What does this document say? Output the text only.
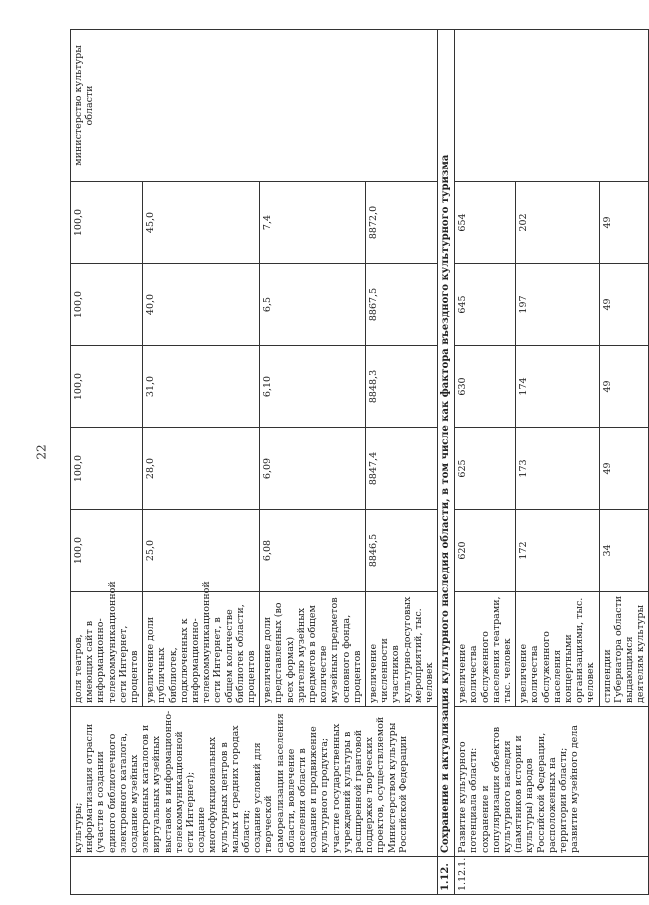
22
	культуры;
информатизация отрасли (участие в создании единого библиотечного электронного каталога, создание музейных электронных каталогов и виртуальных музейных выставок в информационно-телекоммуникационной сети Интернет);
создание многофункциональных культурных центров в малых и средних городах области;
создание условий для творческой самореализации населения области, вовлечение населения области в создание и продвижение культурного продукта;
участие государственных учреждений культуры в расширенной грантовой поддержке творческих проектов, осуществляемой Министерством культуры Российской Федерации	доля театров, имеющих сайт в информационно-телекоммуникационной сети Интернет, процентов	100,0	100,0	100,0	100,0	100,0	министерство культуры области
		увеличение доли публичных библиотек, подключенных к информационно-телекоммуникационной сети Интернет, в общем количестве библиотек области, процентов	25,0	28,0	31,0	40,0	45,0	
		увеличение доли представленных (во всех формах) зрителю музейных предметов в общем количестве музейных предметов основного фонда, процентов	6,08	6,09	6,10	6,5	7,4	
		увеличение численности участников культурно-досуговых мероприятий, тыс. человек	8846,5	8847,4	8848,3	8867,5	8872,0	
1.12.	Сохранение и актуализация культурного наследия области, в том числе как фактора въездного культурного туризма							
1.12.1.	Развитие культурного потенциала области:
сохранение и популяризация объектов культурного наследия (памятников истории и культуры) народов Российской Федерации, расположенных на территории области;
развитие музейного дела	увеличение количества обслуженного населения театрами, тыс. человек	620	625	630	645	654	
		увеличение количества обслуженного населения концертными организациями, тыс. человек	172	173	174	197	202	
		стипендии Губернатора области выдающимся деятелям культуры	34	49	49	49	49	
